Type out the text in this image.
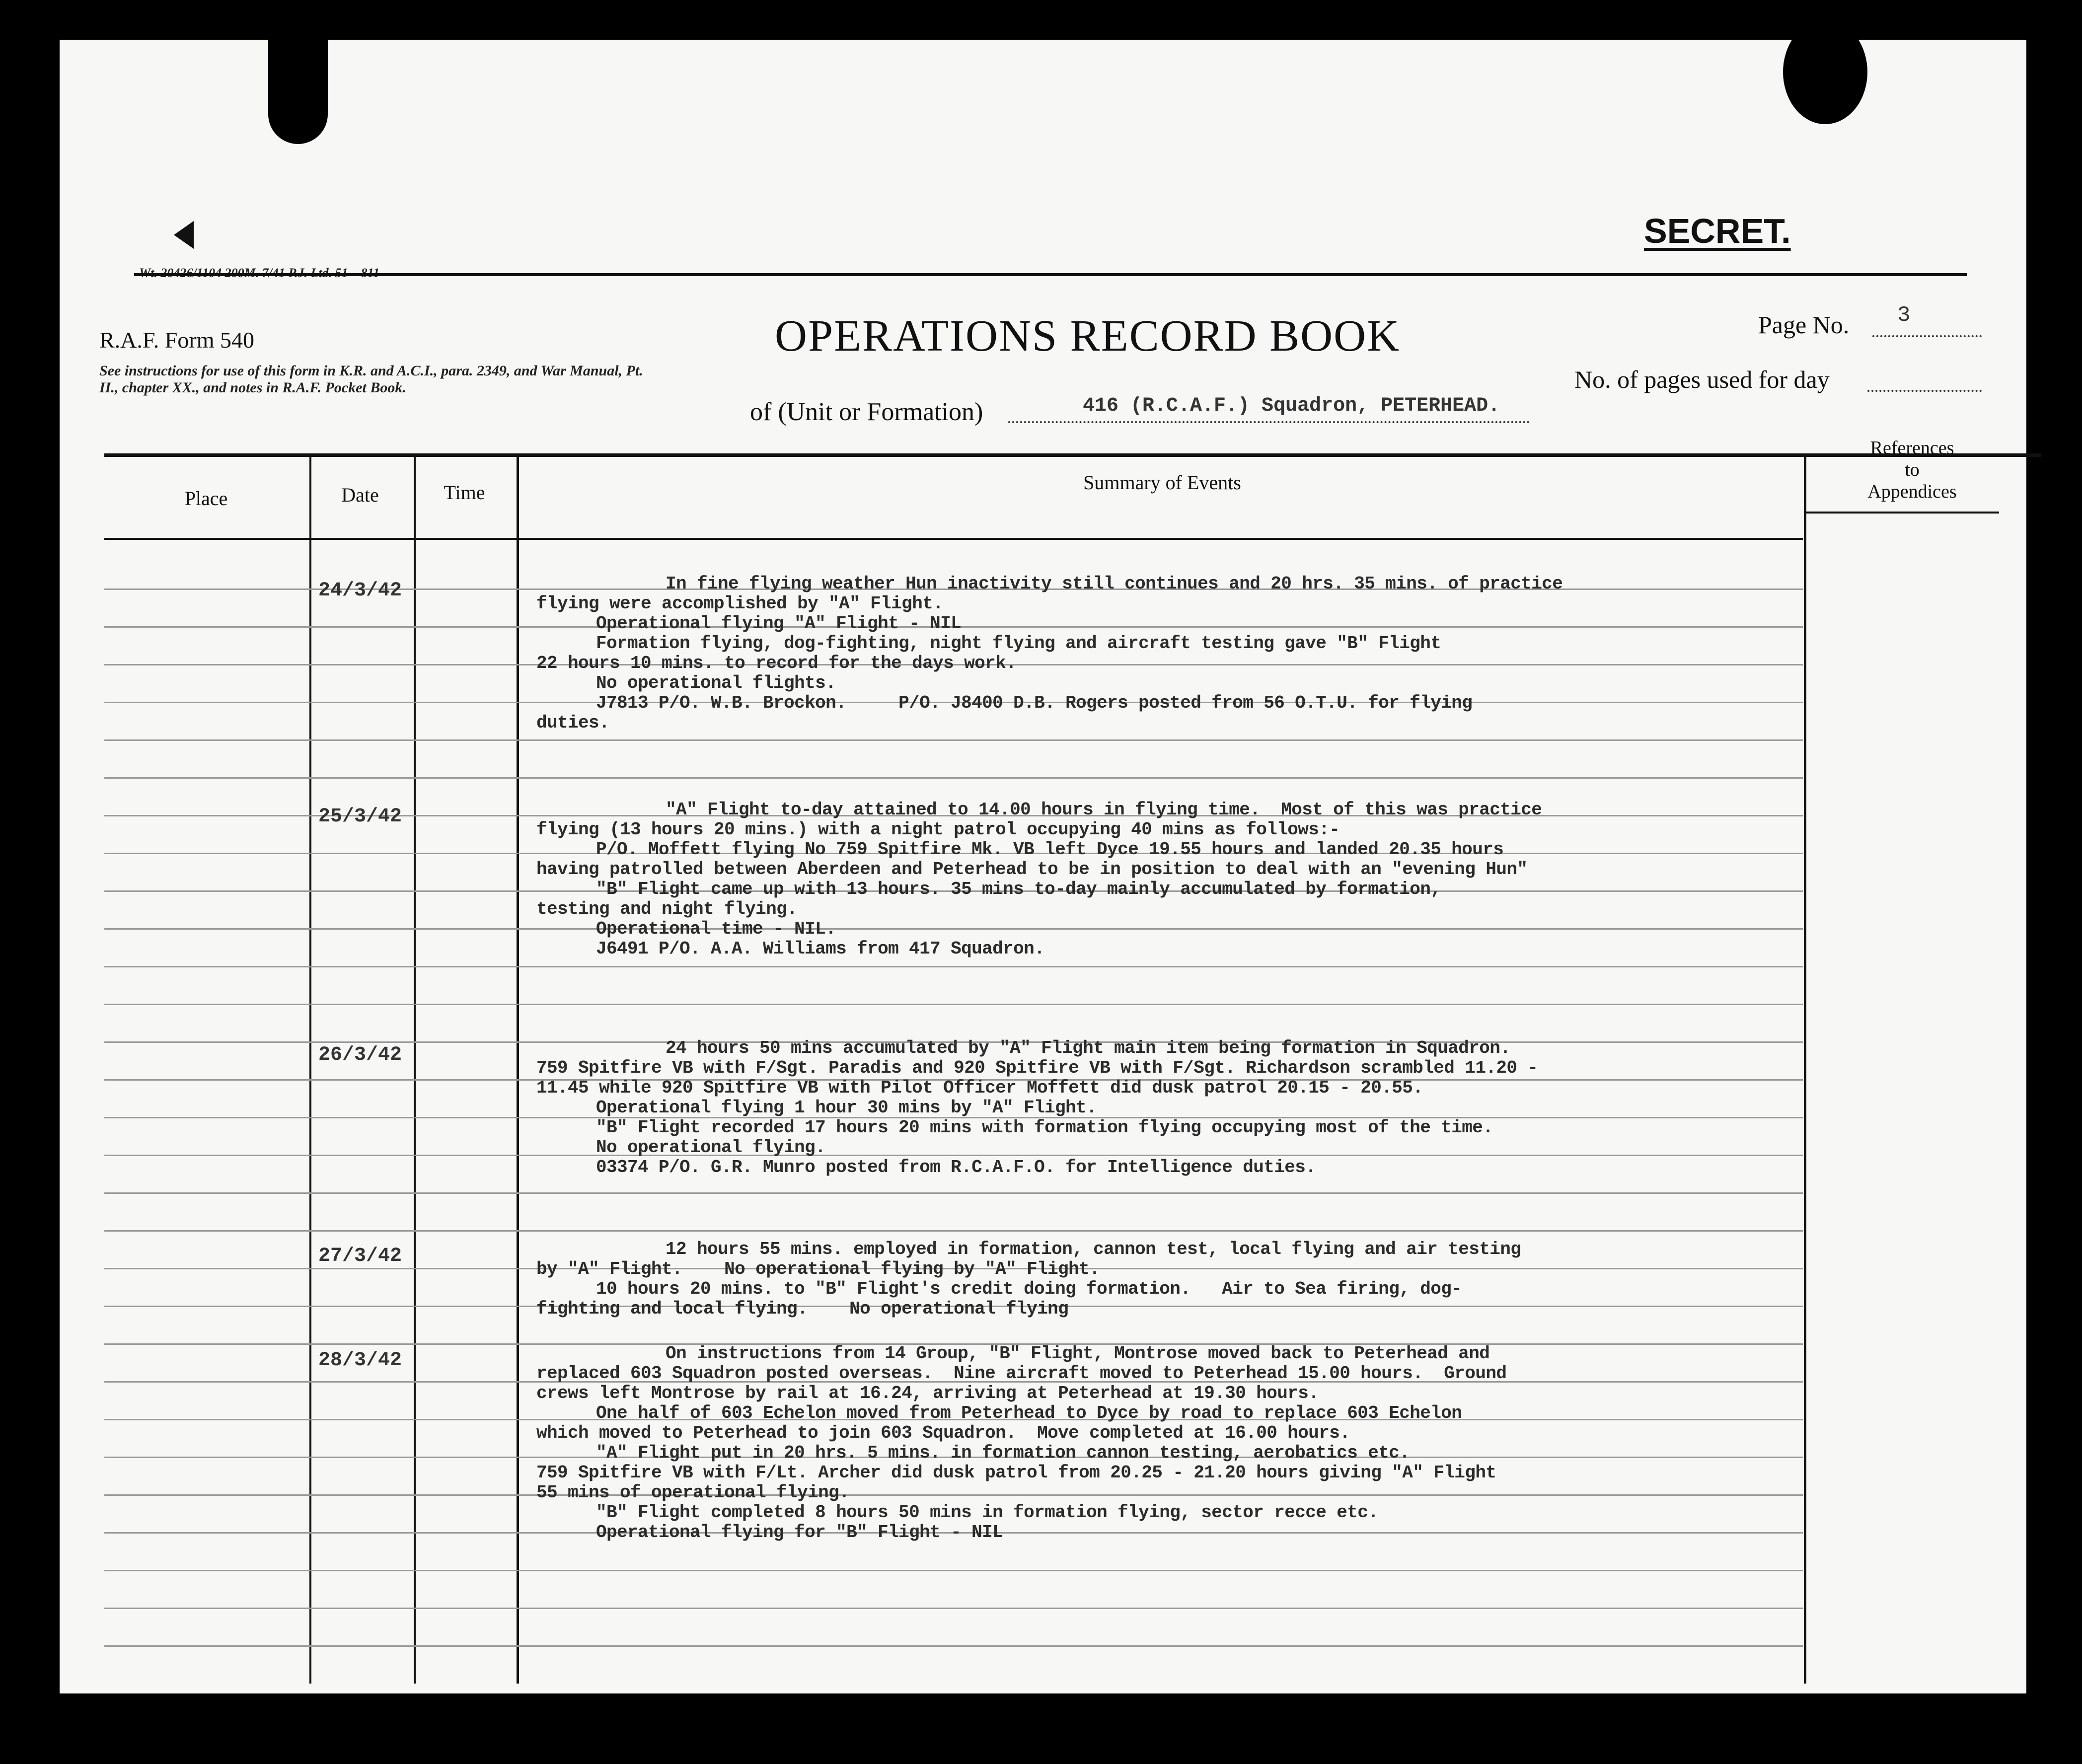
SECRET.
R.A.F. Form 540
See instructions for use of this form in K.R. and A.C.I., para. 2349, and War Manual, Pt. II., chapter XX., and notes in R.A.F. Pocket Book.
OPERATIONS RECORD BOOK
of (Unit or Formation)	416 (R.C.A.F.) Squadron, PETERHEAD.
Page No. 3
No. of pages used for day
Place	Date	Time	Summary of Events
References
to
Appendices
24/3/42	In fine flying weather Hun inactivity still continues and 20 hrs. 35 mins. of practice
flying were accomplished by "A" Flight.
Operational flying "A" Flight - NIL
Formation flying, dog-fighting, night flying and aircraft testing gave "B" Flight
22 hours 10 mins. to record for the days work.
No operational flights.
J7813 P/O. W.B. Brockon.     P/O. J8400 D.B. Rogers posted from 56 O.T.U. for flying
duties.
25/3/42	"A" Flight to-day attained to 14.00 hours in flying time.  Most of this was practice
flying (13 hours 20 mins.) with a night patrol occupying 40 mins as follows:-
P/O. Moffett flying No 759 Spitfire Mk. VB left Dyce 19.55 hours and landed 20.35 hours
having patrolled between Aberdeen and Peterhead to be in position to deal with an "evening Hun"
"B" Flight came up with 13 hours. 35 mins to-day mainly accumulated by formation,
testing and night flying.
Operational time - NIL.
J6491 P/O. A.A. Williams from 417 Squadron.
26/3/42	24 hours 50 mins accumulated by "A" Flight main item being formation in Squadron.
759 Spitfire VB with F/Sgt. Paradis and 920 Spitfire VB with F/Sgt. Richardson scrambled 11.20 -
11.45 while 920 Spitfire VB with Pilot Officer Moffett did dusk patrol 20.15 - 20.55.
Operational flying 1 hour 30 mins by "A" Flight.
"B" Flight recorded 17 hours 20 mins with formation flying occupying most of the time.
No operational flying.
03374 P/O. G.R. Munro posted from R.C.A.F.O. for Intelligence duties.
27/3/42	12 hours 55 mins. employed in formation, cannon test, local flying and air testing
by "A" Flight.    No operational flying by "A" Flight.
10 hours 20 mins. to "B" Flight's credit doing formation.   Air to Sea firing, dog-
fighting and local flying.    No operational flying
28/3/42	On instructions from 14 Group, "B" Flight, Montrose moved back to Peterhead and
replaced 603 Squadron posted overseas.  Nine aircraft moved to Peterhead 15.00 hours.  Ground
crews left Montrose by rail at 16.24, arriving at Peterhead at 19.30 hours.
One half of 603 Echelon moved from Peterhead to Dyce by road to replace 603 Echelon
which moved to Peterhead to join 603 Squadron.  Move completed at 16.00 hours.
"A" Flight put in 20 hrs. 5 mins. in formation cannon testing, aerobatics etc.
759 Spitfire VB with F/Lt. Archer did dusk patrol from 20.25 - 21.20 hours giving "A" Flight
55 mins of operational flying.
"B" Flight completed 8 hours 50 mins in formation flying, sector recce etc.
Operational flying for "B" Flight - NIL
